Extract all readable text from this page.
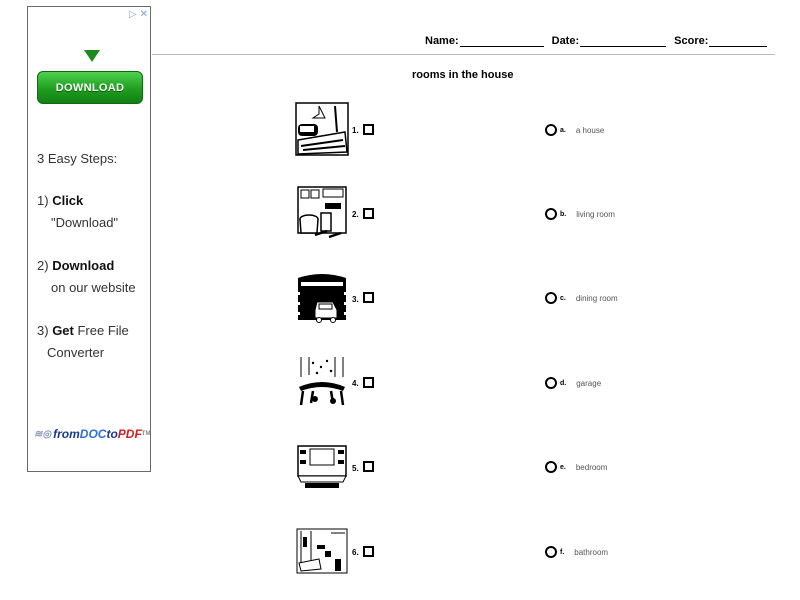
▷ ✕
DOWNLOAD
3 Easy Steps:
1) Click
"Download"
2) Download
on our website
3) Get Free File
Converter
≋◎ from DOC to PDF TM
Name:	Date:	Score:
rooms in the house
1.
2.
3.
4.
5.
6.
a. a house
b. living room
c. dining room
d. garage
e. bedroom
f. bathroom
